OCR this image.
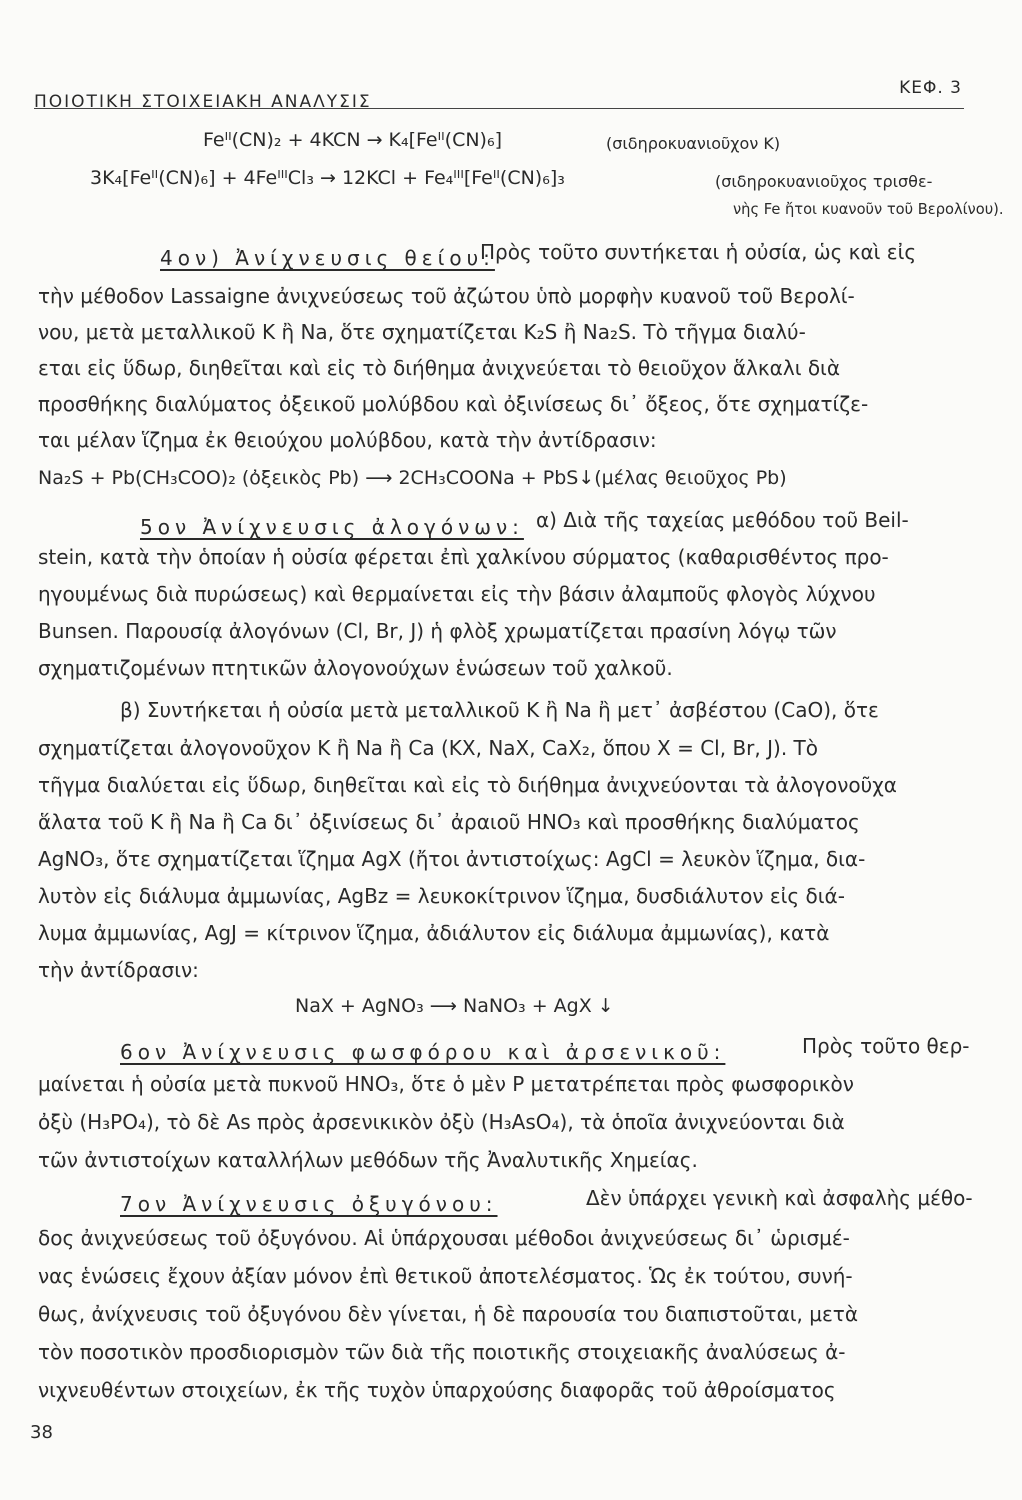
ΠΟΙΟΤΙΚΗ ΣΤΟΙΧΕΙΑΚΗ ΑΝΑΛΥΣΙΣ
ΚΕΦ. 3
Feᴵᴵ(CN)₂ + 4KCN → K₄[Feᴵᴵ(CN)₆]	(σιδηροκυανιοῦχον K)
3K₄[Feᴵᴵ(CN)₆] + 4FeᴵᴵᴵCl₃ → 12KCl + Fe₄ᴵᴵᴵ[Feᴵᴵ(CN)₆]₃	(σιδηροκυανιοῦχος τρισθε-
νὴς Fe ἤτοι κυανοῦν τοῦ Βερολίνου).
4ον) Ἀνίχνευσις θείου:
Πρὸς τοῦτο συντήκεται ἡ οὐσία, ὡς καὶ εἰς
τὴν μέθοδον Lassaigne ἀνιχνεύσεως τοῦ ἀζώτου ὑπὸ μορφὴν κυανοῦ τοῦ Βερολί-
νου, μετὰ μεταλλικοῦ K ἢ Na, ὅτε σχηματίζεται K₂S ἢ Na₂S. Τὸ τῆγμα διαλύ-
εται εἰς ὕδωρ, διηθεῖται καὶ εἰς τὸ διήθημα ἀνιχνεύεται τὸ θειοῦχον ἅλκαλι διὰ
προσθήκης διαλύματος ὀξεικοῦ μολύβδου καὶ ὀξινίσεως δι᾽ ὄξεος, ὅτε σχηματίζε-
ται μέλαν ἵζημα ἐκ θειούχου μολύβδου, κατὰ τὴν ἀντίδρασιν:
Na₂S + Pb(CH₃COO)₂ (ὀξεικὸς Pb) ⟶ 2CH₃COONa + PbS↓(μέλας θειοῦχος Pb)
5ον Ἀνίχνευσις ἀλογόνων: α) Διὰ τῆς ταχείας μεθόδου τοῦ Beil-
stein, κατὰ τὴν ὁποίαν ἡ οὐσία φέρεται ἐπὶ χαλκίνου σύρματος (καθαρισθέντος προ-
ηγουμένως διὰ πυρώσεως) καὶ θερμαίνεται εἰς τὴν βάσιν ἀλαμποῦς φλογὸς λύχνου
Bunsen. Παρουσίᾳ ἀλογόνων (Cl, Br, J) ἡ φλὸξ χρωματίζεται πρασίνη λόγῳ τῶν
σχηματιζομένων πτητικῶν ἀλογονούχων ἑνώσεων τοῦ χαλκοῦ.
β) Συντήκεται ἡ οὐσία μετὰ μεταλλικοῦ K ἢ Na ἢ μετ᾽ ἀσβέστου (CaO), ὅτε
σχηματίζεται ἀλογονοῦχον K ἢ Na ἢ Ca (KX, NaX, CaX₂, ὅπου X = Cl, Br, J). Τὸ
τῆγμα διαλύεται εἰς ὕδωρ, διηθεῖται καὶ εἰς τὸ διήθημα ἀνιχνεύονται τὰ ἀλογονοῦχα
ἅλατα τοῦ K ἢ Na ἢ Ca δι᾽ ὀξινίσεως δι᾽ ἀραιοῦ HNO₃ καὶ προσθήκης διαλύματος
AgNO₃, ὅτε σχηματίζεται ἵζημα AgX (ἤτοι ἀντιστοίχως: AgCl = λευκὸν ἵζημα, δια-
λυτὸν εἰς διάλυμα ἀμμωνίας, AgBz = λευκοκίτρινον ἵζημα, δυσδιάλυτον εἰς διά-
λυμα ἀμμωνίας, AgJ = κίτρινον ἵζημα, ἀδιάλυτον εἰς διάλυμα ἀμμωνίας), κατὰ
τὴν ἀντίδρασιν:
NaX + AgNO₃ ⟶ NaNO₃ + AgX ↓
6ον Ἀνίχνευσις φωσφόρου καὶ ἀρσενικοῦ:	Πρὸς τοῦτο θερ-
μαίνεται ἡ οὐσία μετὰ πυκνοῦ HNO₃, ὅτε ὁ μὲν P μετατρέπεται πρὸς φωσφορικὸν
ὀξὺ (H₃PO₄), τὸ δὲ As πρὸς ἀρσενικικὸν ὀξὺ (H₃AsO₄), τὰ ὁποῖα ἀνιχνεύονται διὰ
τῶν ἀντιστοίχων καταλλήλων μεθόδων τῆς Ἀναλυτικῆς Χημείας.
7ον Ἀνίχνευσις ὀξυγόνου:	Δὲν ὑπάρχει γενικὴ καὶ ἀσφαλὴς μέθο-
δος ἀνιχνεύσεως τοῦ ὀξυγόνου. Αἱ ὑπάρχουσαι μέθοδοι ἀνιχνεύσεως δι᾽ ὡρισμέ-
νας ἑνώσεις ἔχουν ἀξίαν μόνον ἐπὶ θετικοῦ ἀποτελέσματος. Ὡς ἐκ τούτου, συνή-
θως, ἀνίχνευσις τοῦ ὀξυγόνου δὲν γίνεται, ἡ δὲ παρουσία του διαπιστοῦται, μετὰ
τὸν ποσοτικὸν προσδιορισμὸν τῶν διὰ τῆς ποιοτικῆς στοιχειακῆς ἀναλύσεως ἀ-
νιχνευθέντων στοιχείων, ἐκ τῆς τυχὸν ὑπαρχούσης διαφορᾶς τοῦ ἀθροίσματος
38
